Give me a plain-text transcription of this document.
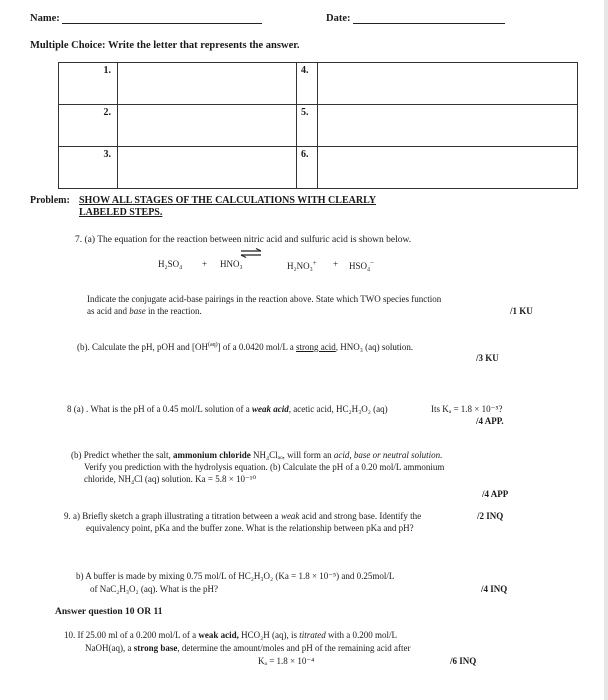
Name:	Date:
Multiple Choice: Write the letter that represents the answer.
1.		4.	
2.		5.	
3.		6.	
Problem: SHOW ALL STAGES OF THE CALCULATIONS WITH CLEARLY
LABELED STEPS.
7. (a) The equation for the reaction between nitric acid and sulfuric acid is shown below.
H₂SO₄ + HNO₃	H₂NO₃+ + HSO₄−
Indicate the conjugate acid-base pairings in the reaction above. State which TWO species function
as acid and base in the reaction.	/1 KU
(b). Calculate the pH, pOH and $[OH^{(aq)}]$ of a 0.0420 mol/L a strong acid, HNO₃ (aq) solution.
/3 KU
8 (a) . What is the pH of a 0.45 mol/L solution of a weak acid, acetic acid, HC₂H₃O₂ (aq)	Its Kₐ = 1.8 × 10⁻⁵?
/4 APP.
(b) Predict whether the salt, ammonium chloride NH₄Clₐₒ, will form an acid, base or neutral solution.
Verify you prediction with the hydrolysis equation. (b) Calculate the pH of a 0.20 mol/L ammonium
chloride, NH₄Cl (aq) solution. Ka = 5.8 × 10⁻¹⁰
/4 APP
9. a) Briefly sketch a graph illustrating a titration between a weak acid and strong base. Identify the	/2 INQ
equivalency point, pKa and the buffer zone. What is the relationship between pKa and pH?
b) A buffer is made by mixing 0.75 mol/L of HC₂H₃O₂ (Ka = 1.8 × 10⁻⁵) and 0.25mol/L
of NaC₂H₃O₂ (aq). What is the pH?	/4 INQ
Answer question 10 OR 11
10. If 25.00 ml of a 0.200 mol/L of a weak acid, HCO₂H (aq), is titrated with a 0.200 mol/L
NaOH(aq), a strong base, determine the amount/moles and pH of the remaining acid after
Kₐ = 1.8 × 10⁻⁴	/6 INQ
